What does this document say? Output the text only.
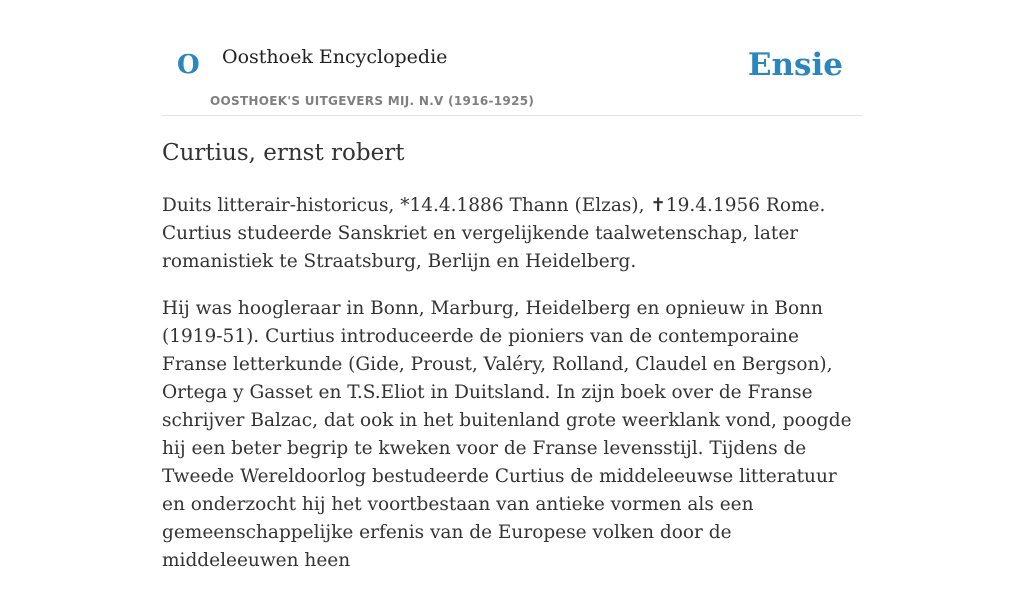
O Oosthoek Encyclopedie
OOSTHOEK'S UITGEVERS MIJ. N.V (1916-1925)
Ensie
Curtius, ernst robert

Duits litterair-historicus, *14.4.1886 Thann (Elzas), ✝19.4.1956 Rome. Curtius studeerde Sanskriet en vergelijkende taalwetenschap, later romanistiek te Straatsburg, Berlijn en Heidelberg.

Hij was hoogleraar in Bonn, Marburg, Heidelberg en opnieuw in Bonn (1919-51). Curtius introduceerde de pioniers van de contemporaine Franse letterkunde (Gide, Proust, Valéry, Rolland, Claudel en Bergson), Ortega y Gasset en T.S.Eliot in Duitsland. In zijn boek over de Franse schrijver Balzac, dat ook in het buitenland grote weerklank vond, poogde hij een beter begrip te kweken voor de Franse levensstijl. Tijdens de Tweede Wereldoorlog bestudeerde Curtius de middeleeuwse litteratuur en onderzocht hij het voortbestaan van antieke vormen als een gemeenschappelijke erfenis van de Europese volken door de middeleeuwen heen
